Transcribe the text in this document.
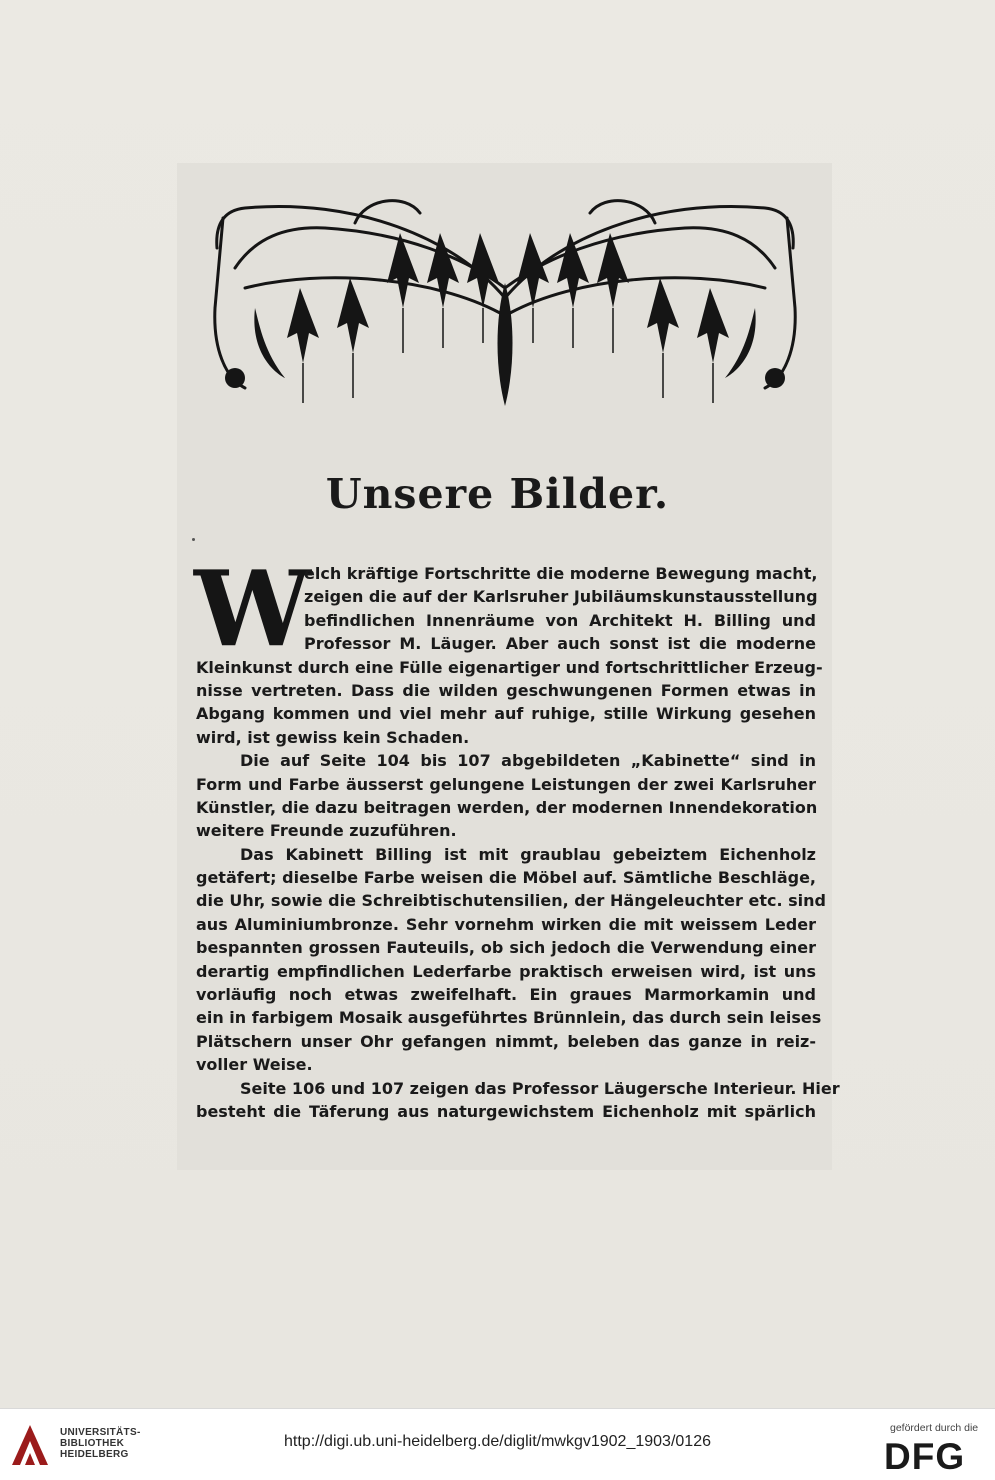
Unsere Bilder.
W
elch kräftige Fortschritte die moderne Bewegung macht,
zeigen die auf der Karlsruher Jubiläumskunstausstellung
befindlichen Innenräume von Architekt H. Billing und
Professor M. Läuger. Aber auch sonst ist die moderne
Kleinkunst durch eine Fülle eigenartiger und fortschrittlicher Erzeug-
nisse vertreten. Dass die wilden geschwungenen Formen etwas in
Abgang kommen und viel mehr auf ruhige, stille Wirkung gesehen
wird, ist gewiss kein Schaden.
Die auf Seite 104 bis 107 abgebildeten „Kabinette“ sind in
Form und Farbe äusserst gelungene Leistungen der zwei Karlsruher
Künstler, die dazu beitragen werden, der modernen Innendekoration
weitere Freunde zuzuführen.
Das Kabinett Billing ist mit graublau gebeiztem Eichenholz
getäfert; dieselbe Farbe weisen die Möbel auf. Sämtliche Beschläge,
die Uhr, sowie die Schreibtischutensilien, der Hängeleuchter etc. sind
aus Aluminiumbronze. Sehr vornehm wirken die mit weissem Leder
bespannten grossen Fauteuils, ob sich jedoch die Verwendung einer
derartig empfindlichen Lederfarbe praktisch erweisen wird, ist uns
vorläufig noch etwas zweifelhaft. Ein graues Marmorkamin und
ein in farbigem Mosaik ausgeführtes Brünnlein, das durch sein leises
Plätschern unser Ohr gefangen nimmt, beleben das ganze in reiz-
voller Weise.
Seite 106 und 107 zeigen das Professor Läugersche Interieur. Hier
besteht die Täferung aus naturgewichstem Eichenholz mit spärlich
UNIVERSITÄTS-
BIBLIOTHEK
HEIDELBERG
http://digi.ub.uni-heidelberg.de/diglit/mwkgv1902_1903/0126
gefördert durch die
DFG
